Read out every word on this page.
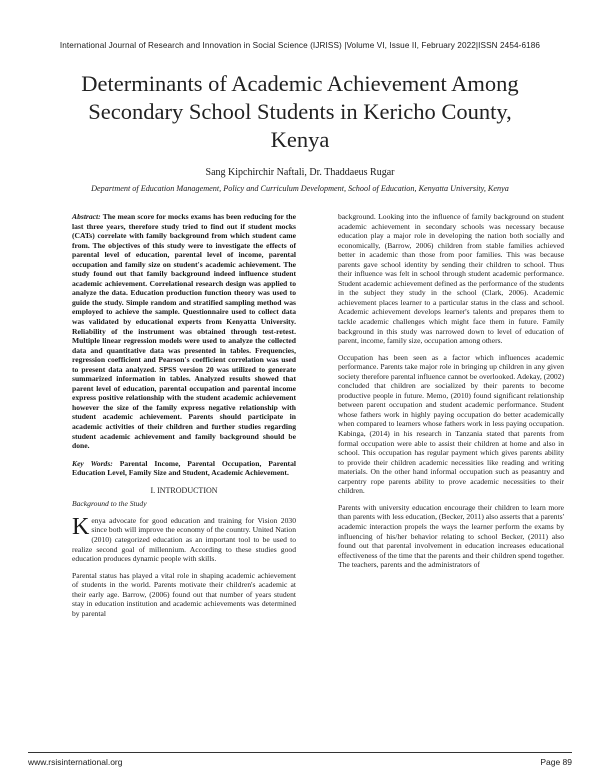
International Journal of Research and Innovation in Social Science (IJRISS) |Volume VI, Issue II, February 2022|ISSN 2454-6186
Determinants of Academic Achievement Among
Secondary School Students in Kericho County,
Kenya
Sang Kipchirchir Naftali, Dr. Thaddaeus Rugar
Department of Education Management, Policy and Curriculum Development, School of Education, Kenyatta University, Kenya

Abstract: The mean score for mocks exams has been reducing for the last three years, therefore study tried to find out if student mocks (CATs) correlate with family background from which student came from. The objectives of this study were to investigate the effects of parental level of education, parental level of income, parental occupation and family size on student's academic achievement. The study found out that family background indeed influence student academic achievement. Correlational research design was applied to analyze the data. Education production function theory was used to guide the study. Simple random and stratified sampling method was employed to achieve the sample. Questionnaire used to collect data was validated by educational experts from Kenyatta University. Reliability of the instrument was obtained through test-retest. Multiple linear regression models were used to analyze the collected data and quantitative data was presented in tables. Frequencies, regression coefficient and Pearson's coefficient correlation was used to present data analyzed. SPSS version 20 was utilized to generate summarized information in tables. Analyzed results showed that parent level of education, parental occupation and parental income express positive relationship with the student academic achievement however the size of the family express negative relationship with student academic achievement. Parents should participate in academic activities of their children and further studies regarding student academic achievement and family background should be done.

Key Words: Parental Income, Parental Occupation, Parental Education Level, Family Size and Student, Academic Achievement.

I. INTRODUCTION
Background to the Study

Kenya advocate for good education and training for Vision 2030 since both will improve the economy of the country. United Nation (2010) categorized education as an important tool to be used to realize second goal of millennium. According to these studies good education produces dynamic people with skills.

Parental status has played a vital role in shaping academic achievement of students in the world. Parents motivate their children's academic at their early age. Barrow, (2006) found out that number of years student stay in education institution and academic achievements was determined by parental

background. Looking into the influence of family background on student academic achievement in secondary schools was necessary because education play a major role in developing the nation both socially and economically, (Barrow, 2006) children from stable families achieved better in academic than those from poor families. This was because parents gave school identity by sending their children to school. Thus their influence was felt in school through student academic performance. Student academic achievement defined as the performance of the students in the subject they study in the school (Clark, 2006). Academic achievement places learner to a particular status in the class and school. Academic achievement develops learner's talents and prepares them to tackle academic challenges which might face them in future. Family background in this study was narrowed down to level of education of parent, income, family size, occupation among others.

Occupation has been seen as a factor which influences academic performance. Parents take major role in bringing up children in any given society therefore parental influence cannot be overlooked. Adekay, (2002) concluded that children are socialized by their parents to become productive people in future. Memo, (2010) found significant relationship between parent occupation and student academic performance. Student whose fathers work in highly paying occupation do better academically when compared to learners whose fathers work in less paying occupation. Kabinga, (2014) in his research in Tanzania stated that parents from formal occupation were able to assist their children at home and also in school. This occupation has regular payment which gives parents ability to provide their children academic necessities like reading and writing materials. On the other hand informal occupation such as peasantry and carpentry rope parents ability to prove academic necessities to their children.

Parents with university education encourage their children to learn more than parents with less education, (Becker, 2011) also asserts that a parents' academic interaction propels the ways the learner perform the exams by influencing of his/her behavior relating to school Becker, (2011) also found out that parental involvement in education increases educational effectiveness of the time that the parents and their children spend together. The teachers, parents and the administrators of

www.rsisinternational.org	Page 89
